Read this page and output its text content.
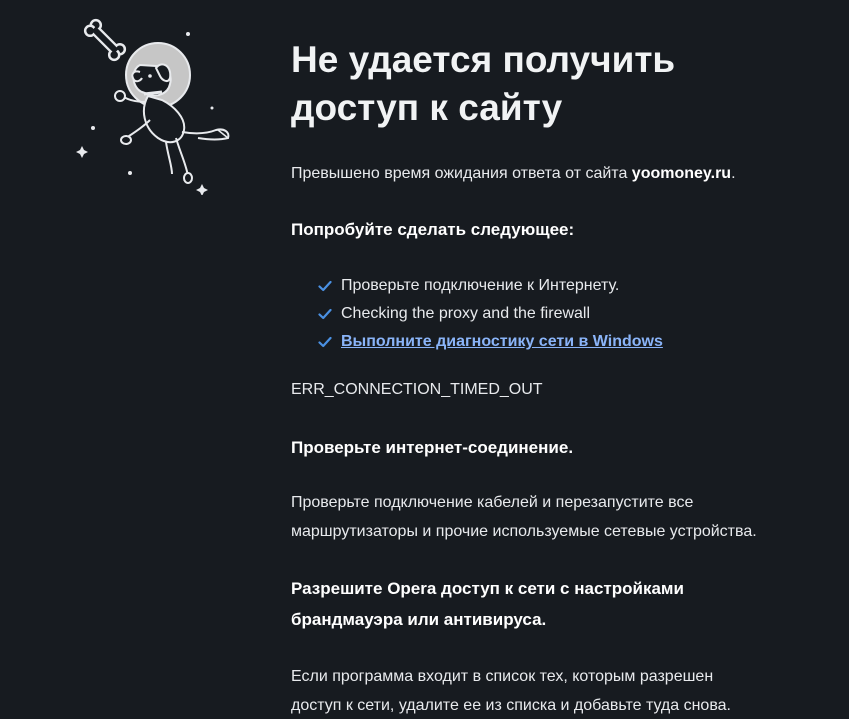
Не удается получить
доступ к сайту

Превышено время ожидания ответа от сайта yoomoney.ru.

Попробуйте сделать следующее:
Проверьте подключение к Интернету.
Checking the proxy and the firewall
Выполните диагностику сети в Windows
ERR_CONNECTION_TIMED_OUT
Проверьте интернет-соединение.

Проверьте подключение кабелей и перезапустите все
маршрутизаторы и прочие используемые сетевые устройства.

Разрешите Opera доступ к сети с настройками
брандмауэра или антивируса.

Если программа входит в список тех, которым разрешен
доступ к сети, удалите ее из списка и добавьте туда снова.
